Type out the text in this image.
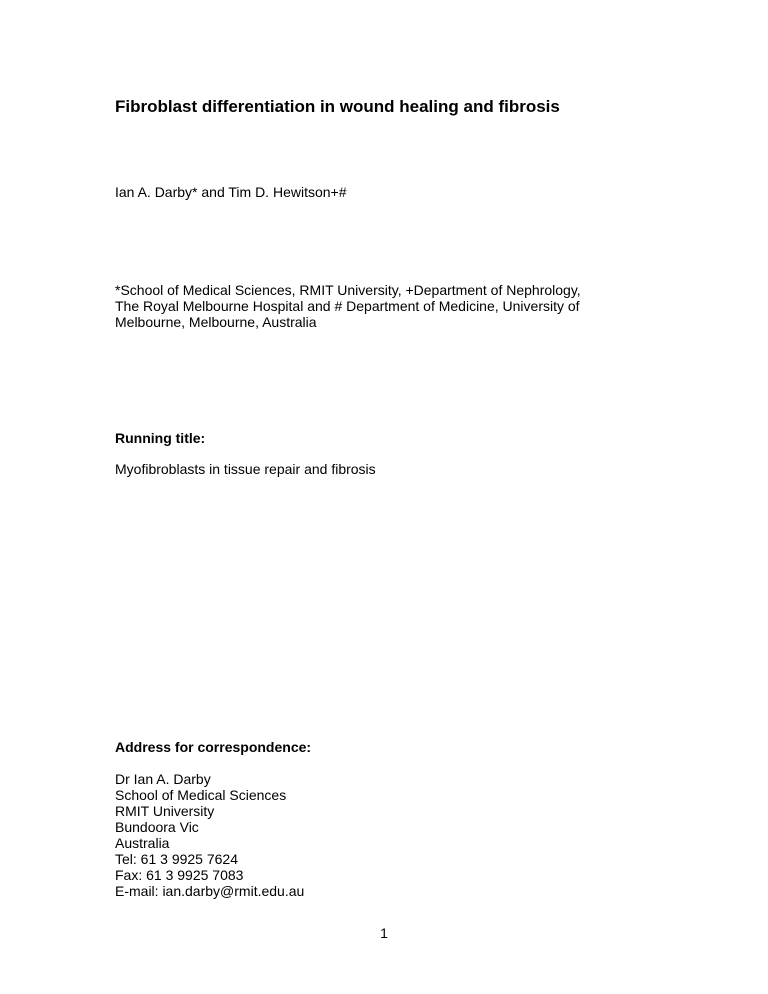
Fibroblast differentiation in wound healing and fibrosis
Ian A. Darby* and Tim D. Hewitson+#
*School of Medical Sciences, RMIT University, +Department of Nephrology,
The Royal Melbourne Hospital and # Department of Medicine, University of
Melbourne, Melbourne, Australia
Running title:
Myofibroblasts in tissue repair and fibrosis
Address for correspondence:
Dr Ian A. Darby
School of Medical Sciences
RMIT University
Bundoora Vic
Australia
Tel: 61 3 9925 7624
Fax: 61 3 9925 7083
E-mail: ian.darby@rmit.edu.au
1
